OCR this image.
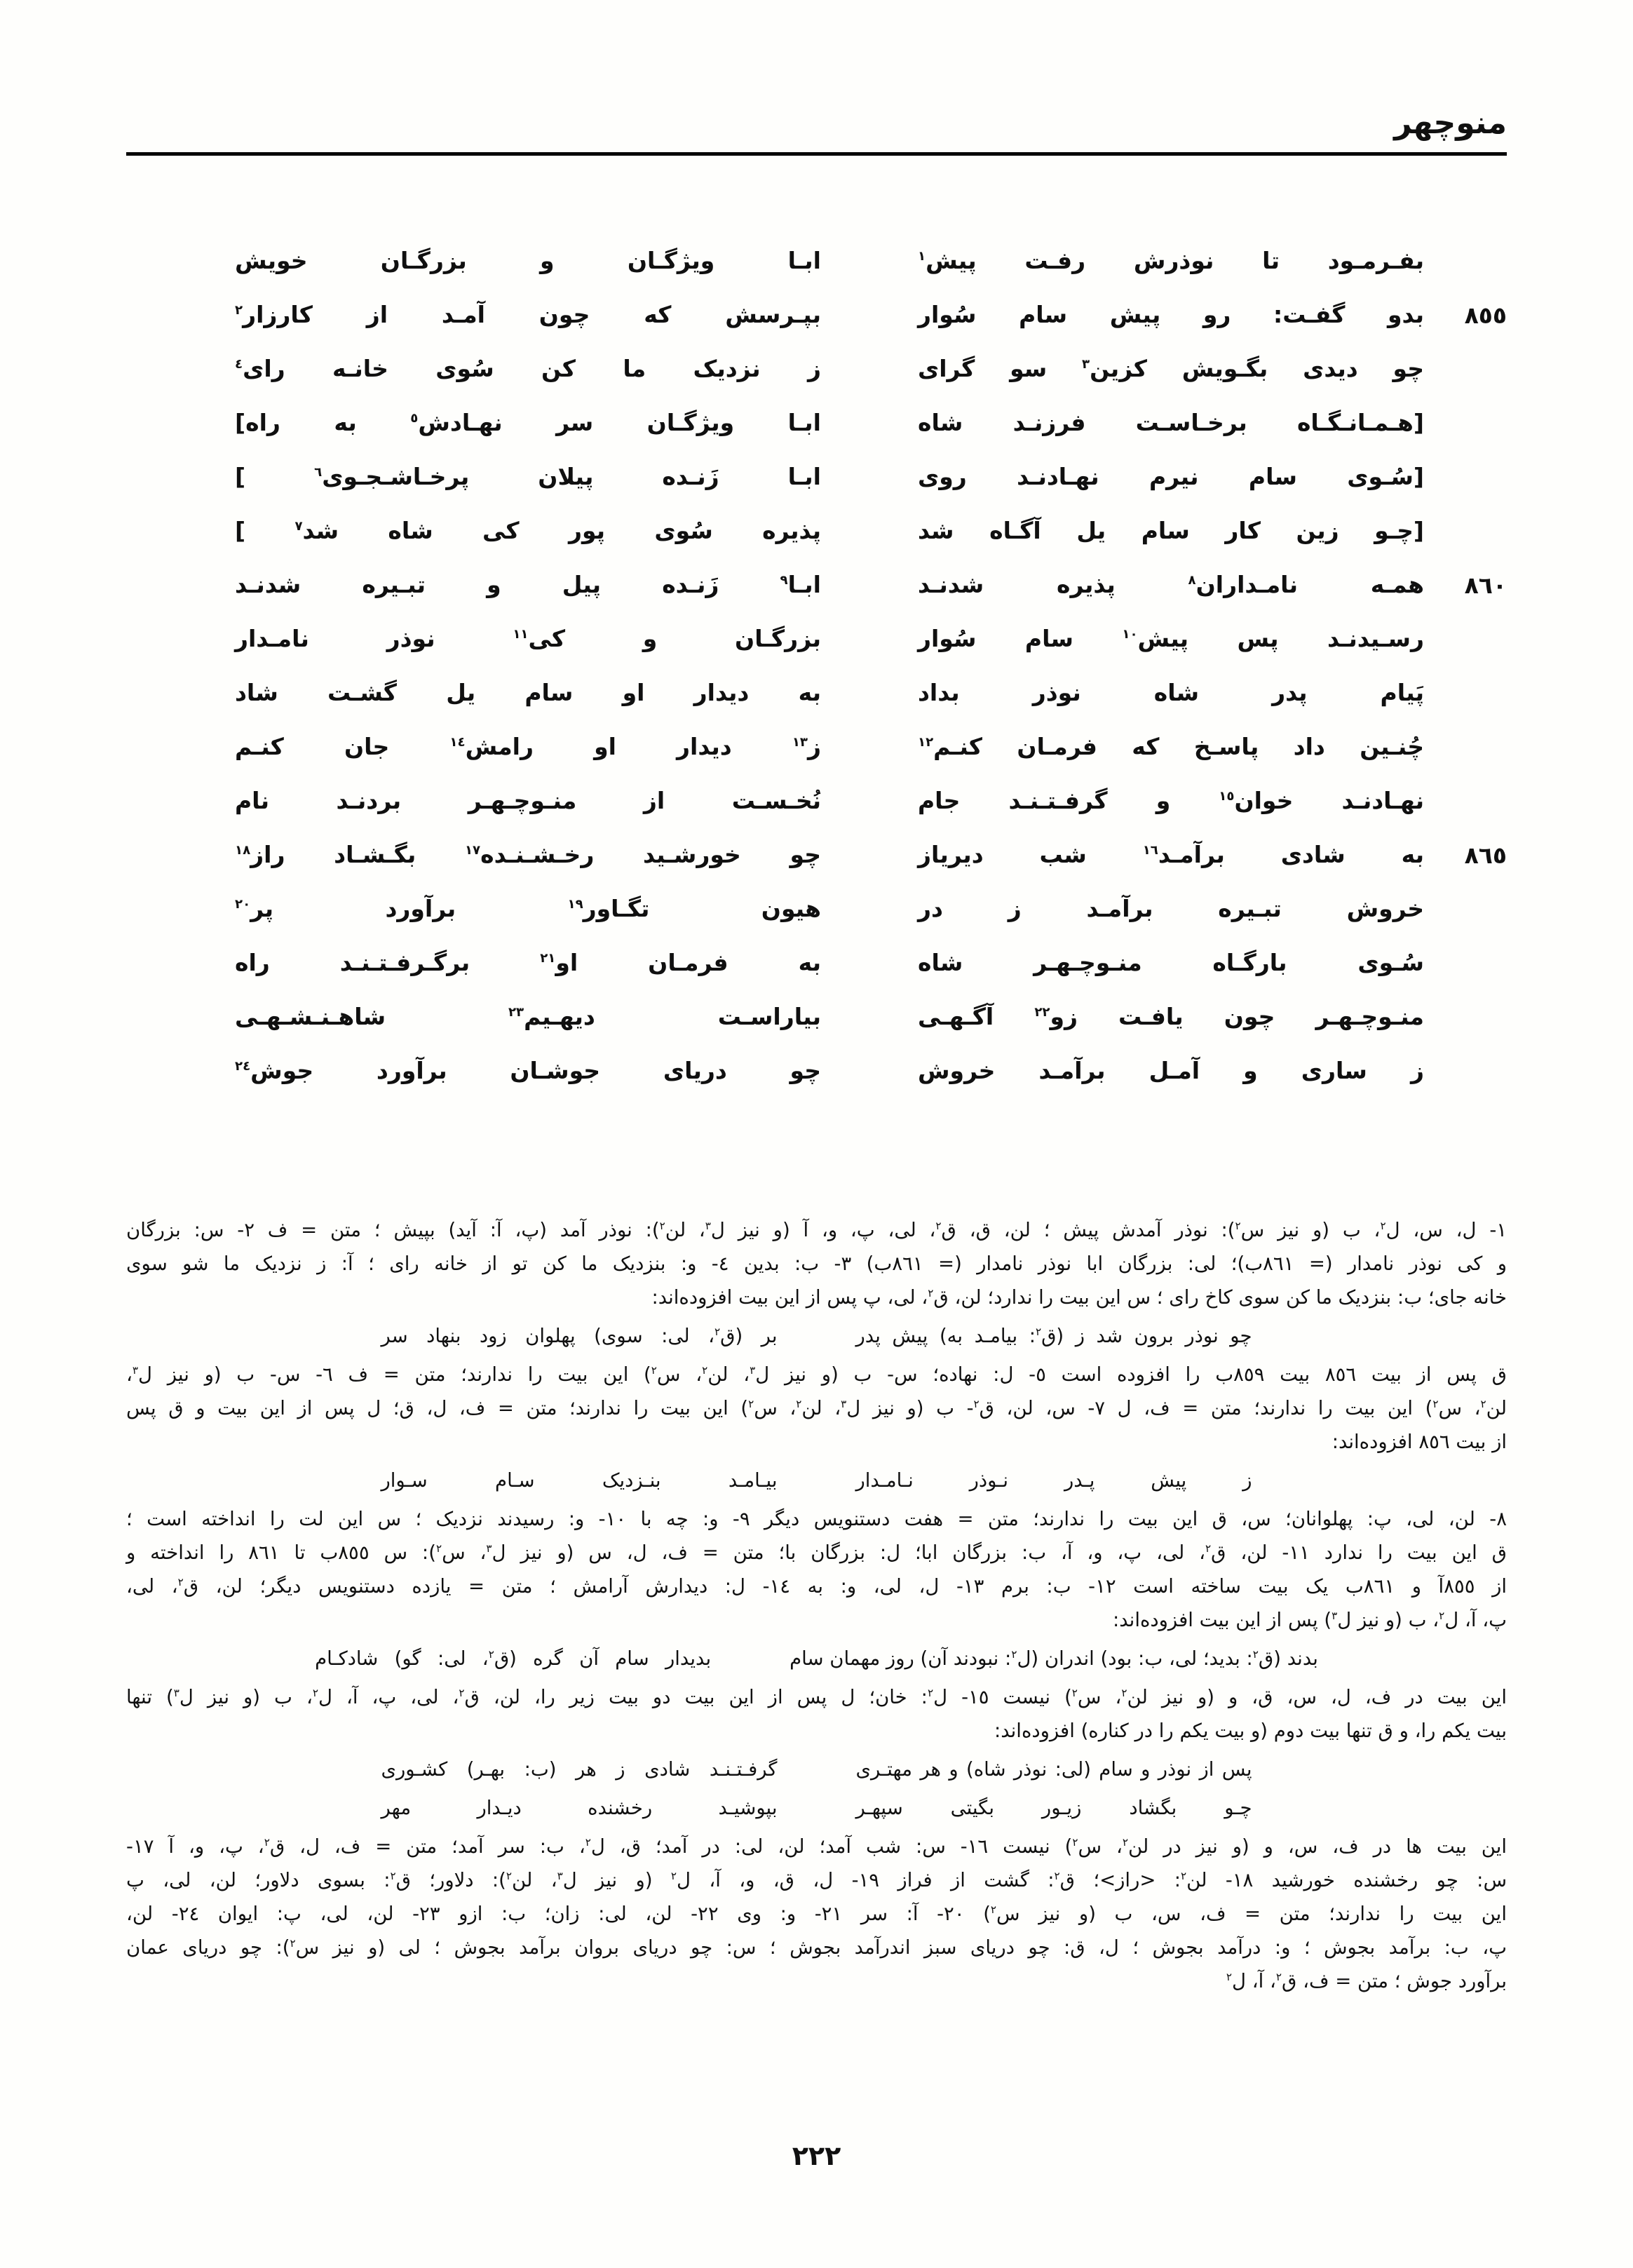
منوچهر
بفـرمـود تا نوذرش رفـت پیش$^١$
ابـا ویژگـان و بزرگـان خویش
٨٥٥
بدو گفـت: رو پیش سام سُوار
بپـرسش که چون آمـد از کارزار$^٢$
چو دیدی بگـویش کزین$^٣$ سو گرای
ز نزدیک ما کن سُوی خانـه رای$^٤$
[هـمـانـگـاه برخـاسـت فرزنـد شاه
ابـا ویژگـان سر نهـادش$^٥$ به راه]
[سُـوی سام نیرم نهـادنـد روی
ابـا زَنـده پیلان پرخـاشـجـوی$^٦$ ]
[چـو زین کار سام یل آگـاه شد
پذیره سُوی پور کی شاه شد$^٧$ ]
٨٦٠
همـه نامـداران$^٨$ پذیره شدنـد
ابـا$^٩$ زَنـده پیل و تبـیره شدنـد
رسـیدنـد پس پیش$^{١٠}$ سام سُوار
بزرگـان و کی$^{١١}$ نوذر نامـدار
پَیام پدر شاه نوذر بداد
به دیدار او سام یل گشـت شاد
چُنـین داد پاسـخ که فرمـان کنـم$^{١٢}$
ز$^{١٣}$ دیدار او رامش$^{١٤}$ جان کنـم
نهـادنـد خوان$^{١٥}$ و گرفـتـنـد جام
نُخـسـت از منـوچـهـر بردنـد نام
٨٦٥
به شادی برآمـد$^{١٦}$ شب دیریاز
چو خورشـید رخـشـنـده$^{١٧}$ بگـشـاد راز$^{١٨}$
خروش تبـیره برآمـد ز در
هیون تگـاور$^{١٩}$ برآورد پر$^{٢٠}$
سُـوی بارگـاه منـوچـهـر شاه
به فرمـان او$^{٢١}$ برگـرفـتـنـد راه
منـوچـهـر چون یافـت زو$^{٢٢}$ آگـهـی
بیاراسـت دیهـیم$^{٢٣}$ شاهـنـشـهـی
ز ساری و آمـل برآمـد خروش
چو دریای جوشـان برآورد جوش$^{٢٤}$
١- ل، س، ل$^٢$، ب (و نیز س$^٢$): نوذر آمدش پیش ؛ لن، ق، ق$^٢$، لی، پ، و، آ (و نیز ل$^٣$، لن$^٢$): نوذر آمد (پ، آ: آید) بپیش ؛ متن = ف ٢- س: بزرگان
و کی نوذر نامدار (= ٨٦١ب)؛ لی: بزرگان ابا نوذر نامدار (= ٨٦١ب) ٣- ب: بدین ٤- و: بنزدیک ما کن تو از خانه رای ؛ آ: ز نزدیک ما شو سوی
خانه جای؛ ب: بنزدیک ما کن سوی کاخ رای ؛ س این بیت را ندارد؛ لن، ق$^٢$، لی، پ پس از این بیت افزوده‌اند:
چو نوذر برون شد ز (ق$^٢$: بیامـد به) پیش پدر
بر (ق$^٢$، لی: سوی) پهلوان زود بنهاد سر
ق پس از بیت ٨٥٦ بیت ٨٥٩ب را افزوده است ٥- ل: نهاده؛ س- ب (و نیز ل$^٣$، لن$^٢$، س$^٢$) این بیت را ندارند؛ متن = ف ٦- س- ب (و نیز ل$^٣$،
لن$^٢$، س$^٢$) این بیت را ندارند؛ متن = ف، ل ٧- س، لن، ق$^٢$- ب (و نیز ل$^٣$، لن$^٢$، س$^٢$) این بیت را ندارند؛ متن = ف، ل، ق؛ ل پس از این بیت و ق پس
از بیت ٨٥٦ افزوده‌اند:
ز پیش پـدر نـوذر نـامـدار
بیـامـد بنـزدیک سـام سـوار
٨- لن، لی، پ: پهلوانان؛ س، ق این بیت را ندارند؛ متن = هفت دستنویس دیگر ٩- و: چه با ١٠- و: رسیدند نزدیک ؛ س این لت را انداخته است ؛
ق این بیت را ندارد ١١- لن، ق$^٢$، لی، پ، و، آ، ب: بزرگان ابا؛ ل: بزرگان با؛ متن = ف، ل، س (و نیز ل$^٣$، س$^٢$): س ٨٥٥ب تا ٨٦١ را انداخته و
از ٨٥٥آ و ٨٦١ب یک بیت ساخته است ١٢- ب: برم ١٣- ل، لی، و: به ١٤- ل: دیدارش آرامش ؛ متن = یازده دستنویس دیگر؛ لن، ق$^٢$، لی،
پ، آ، ل$^٢$، ب (و نیز ل$^٣$) پس از این بیت افزوده‌اند:
بدند (ق$^٢$: بدید؛ لی، ب: بود) اندران (ل$^٢$: نبودند آن) روز مهمان سام
بدیدار سام آن گره (ق$^٢$، لی: گو) شادکـام
این بیت در ف، ل، س، ق، و (و نیز لن$^٢$، س$^٢$) نیست ١٥- ل$^٢$: خان؛ ل پس از این بیت دو بیت زیر را، لن، ق$^٢$، لی، پ، آ، ل$^٢$، ب (و نیز ل$^٣$) تنها
بیت یکم را، و ق تنها بیت دوم (و بیت یکم را در کناره) افزوده‌اند:
پس از نوذر و سام (لی: نوذر شاه) و هر مهتـری
گرفـتـنـد شادی ز هر (ب: بهـر) کشـوری
چـو بگشاد زیـور بگیتی سپهـر
بپوشیـد رخشنده دیـدار مهر
این بیت ها در ف، س، و (و نیز در لن$^٢$، س$^٢$) نیست ١٦- س: شب آمد؛ لن، لی: در آمد؛ ق، ل$^٢$، ب: سر آمد؛ متن = ف، ل، ق$^٢$، پ، و، آ ١٧-
س: چو رخشنده خورشید ١٨- لن$^٢$: <راز>؛ ق$^٢$: گشت از فراز ١٩- ل، ق، و، آ، ل$^٢$ (و نیز ل$^٣$، لن$^٢$): دلاور؛ ق$^٢$: بسوی دلاور؛ لن، لی، پ
این بیت را ندارند؛ متن = ف، س، ب (و نیز س$^٢$) ٢٠- آ: سر ٢١- و: وی ٢٢- لن، لی: زان؛ ب: ازو ٢٣- لن، لی، پ: ایوان ٢٤- لن،
پ، ب: برآمد بجوش ؛ و: درآمد بجوش ؛ ل، ق: چو دریای سبز اندرآمد بجوش ؛ س: چو دریای بروان برآمد بجوش ؛ لی (و نیز س$^٢$): چو دریای عمان
برآورد جوش ؛ متن = ف، ق$^٢$، آ، ل$^٢$
٢٢٢
